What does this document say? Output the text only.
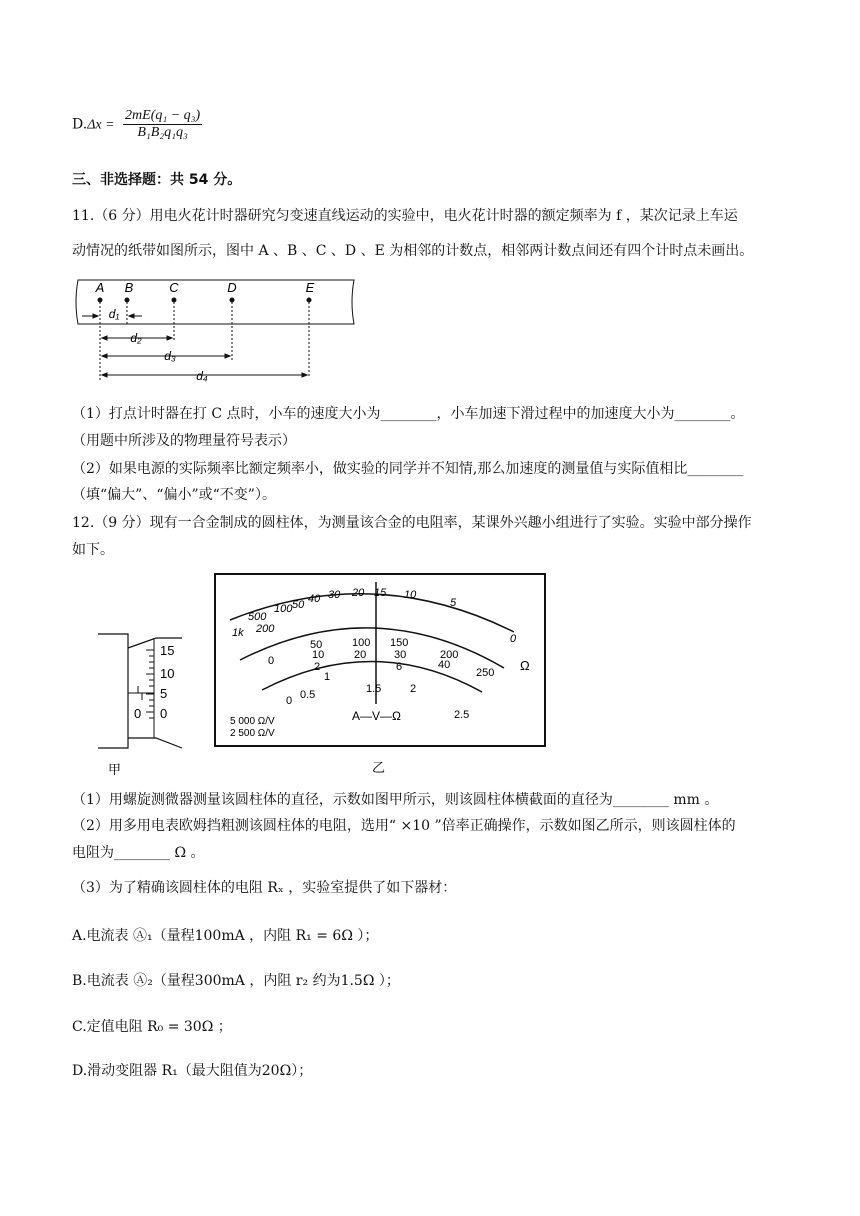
$D.\Delta x = \frac{\text{2mE(q₁ − q₃)}}{\text{B₁B₂q₁q₃}}$
三、非选择题：共 54 分。
11.（6 分）用电火花计时器研究匀变速直线运动的实验中，电火花计时器的额定频率为 f ，某次记录上车运
动情况的纸带如图所示，图中 A 、B 、C 、D 、E 为相邻的计数点，相邻两计数点间还有四个计时点未画出。
A B	C	D	E
d₁
d₂
d₃
d₄
（1）打点计时器在打 C 点时，小车的速度大小为________，小车加速下滑过程中的加速度大小为________。
（用题中所涉及的物理量符号表示）
（2）如果电源的实际频率比额定频率小，做实验的同学并不知情,那么加速度的测量值与实际值相比________
（填“偏大”、“偏小”或“不变”）。
12.（9 分）现有一合金制成的圆柱体，为测量该合金的电阻率，某课外兴趣小组进行了实验。实验中部分操作
如下。
15
10
5
0
0
甲
1k
500
200
100 50 40 30 20 15 10
5
0
0
50	100 150
200
250
10	20	30
40
2	6
0 0.5
1
1.5	2
2.5
A—V—Ω
Ω
5 000 Ω/V
2 500 Ω/V
乙
（1）用螺旋测微器测量该圆柱体的直径，示数如图甲所示，则该圆柱体横截面的直径为________ mm 。
（2）用多用电表欧姆挡粗测该圆柱体的电阻，选用“ ×10 ”倍率正确操作，示数如图乙所示，则该圆柱体的
电阻为________ Ω 。
（3）为了精确该圆柱体的电阻 Rₓ ，实验室提供了如下器材：
A.电流表 Ⓐ₁（量程100mA ，内阻 R₁ = 6Ω ）；
B.电流表 Ⓐ₂（量程300mA ，内阻 r₂ 约为1.5Ω ）；
C.定值电阻 R₀ = 30Ω ；
D.滑动变阻器 R₁（最大阻值为20Ω）；
